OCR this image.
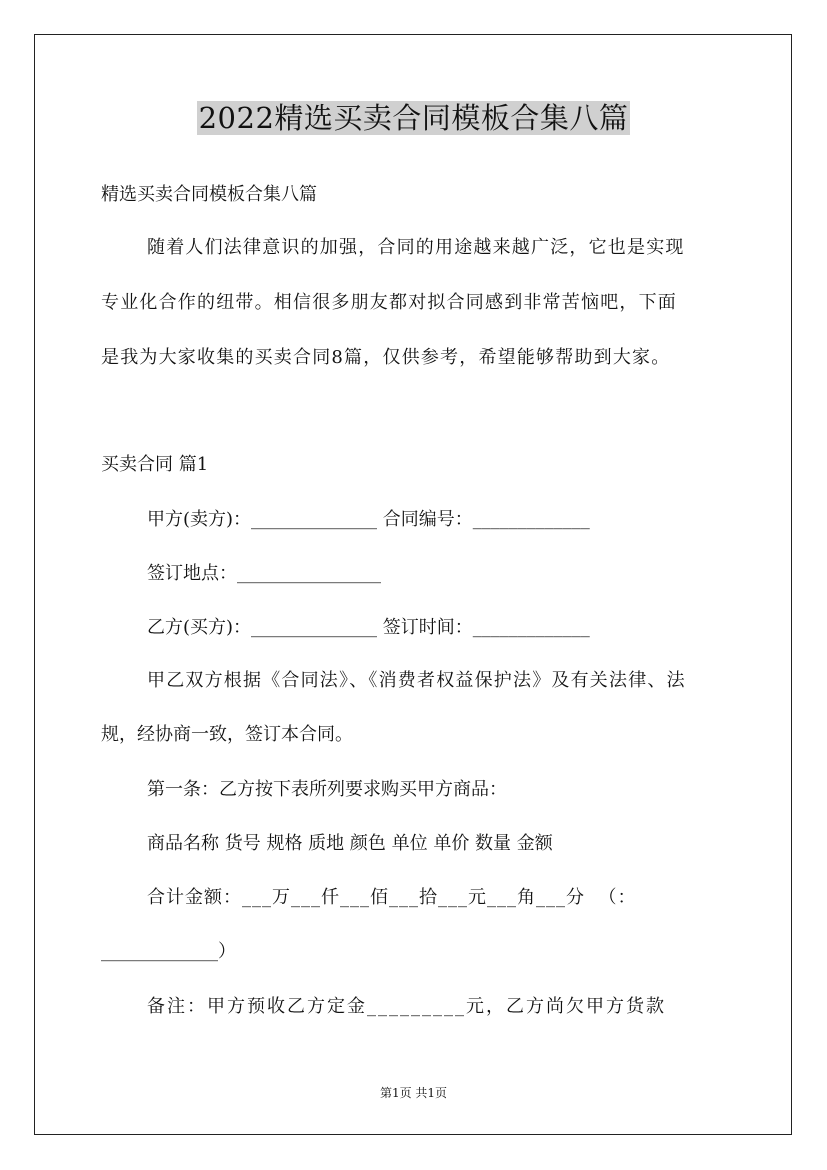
2022精选买卖合同模板合集八篇
精选买卖合同模板合集八篇
随着人们法律意识的加强，合同的用途越来越广泛，它也是实现
专业化合作的纽带。相信很多朋友都对拟合同感到非常苦恼吧，下面
是我为大家收集的买卖合同8篇，仅供参考，希望能够帮助到大家。
买卖合同 篇1
甲方(卖方)：______________ 合同编号：_____________
签订地点：________________
乙方(买方)：______________ 签订时间：_____________
甲乙双方根据《合同法》、《消费者权益保护法》及有关法律、法
规，经协商一致，签订本合同。
第一条：乙方按下表所列要求购买甲方商品：
商品名称 货号 规格 质地 颜色 单位 单价 数量 金额
合计金额：___万___仟___佰___拾___元___角___分  （：
_____________）
备注：甲方预收乙方定金_________元，乙方尚欠甲方货款
第1页 共1页
